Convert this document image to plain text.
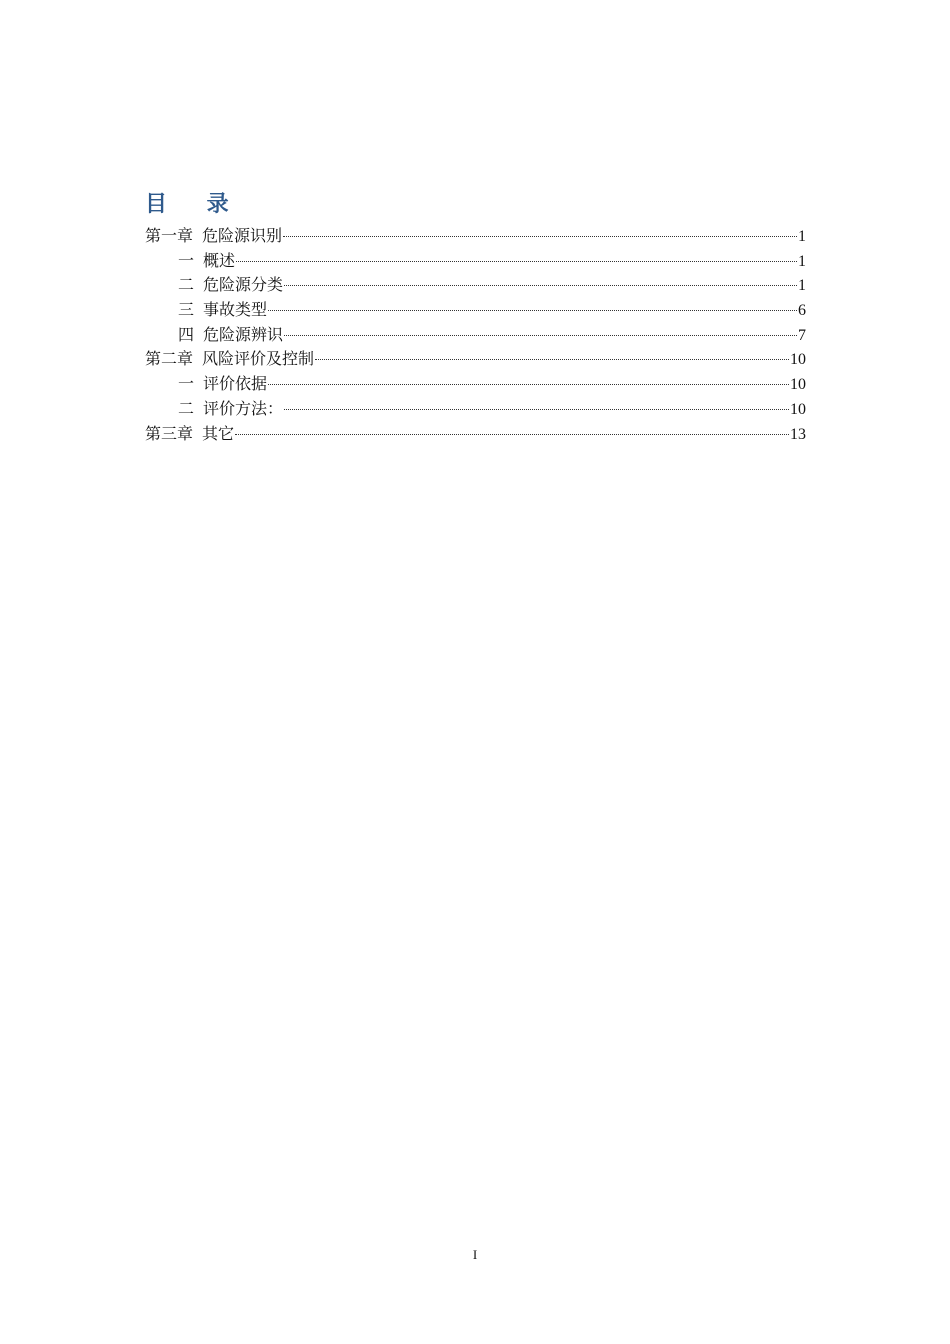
目 录
第一章 危险源识别	1
一 概述	1
二 危险源分类	1
三 事故类型	6
四 危险源辨识	7
第二章 风险评价及控制	10
一 评价依据	10
二 评价方法：	10
第三章 其它	13
I
